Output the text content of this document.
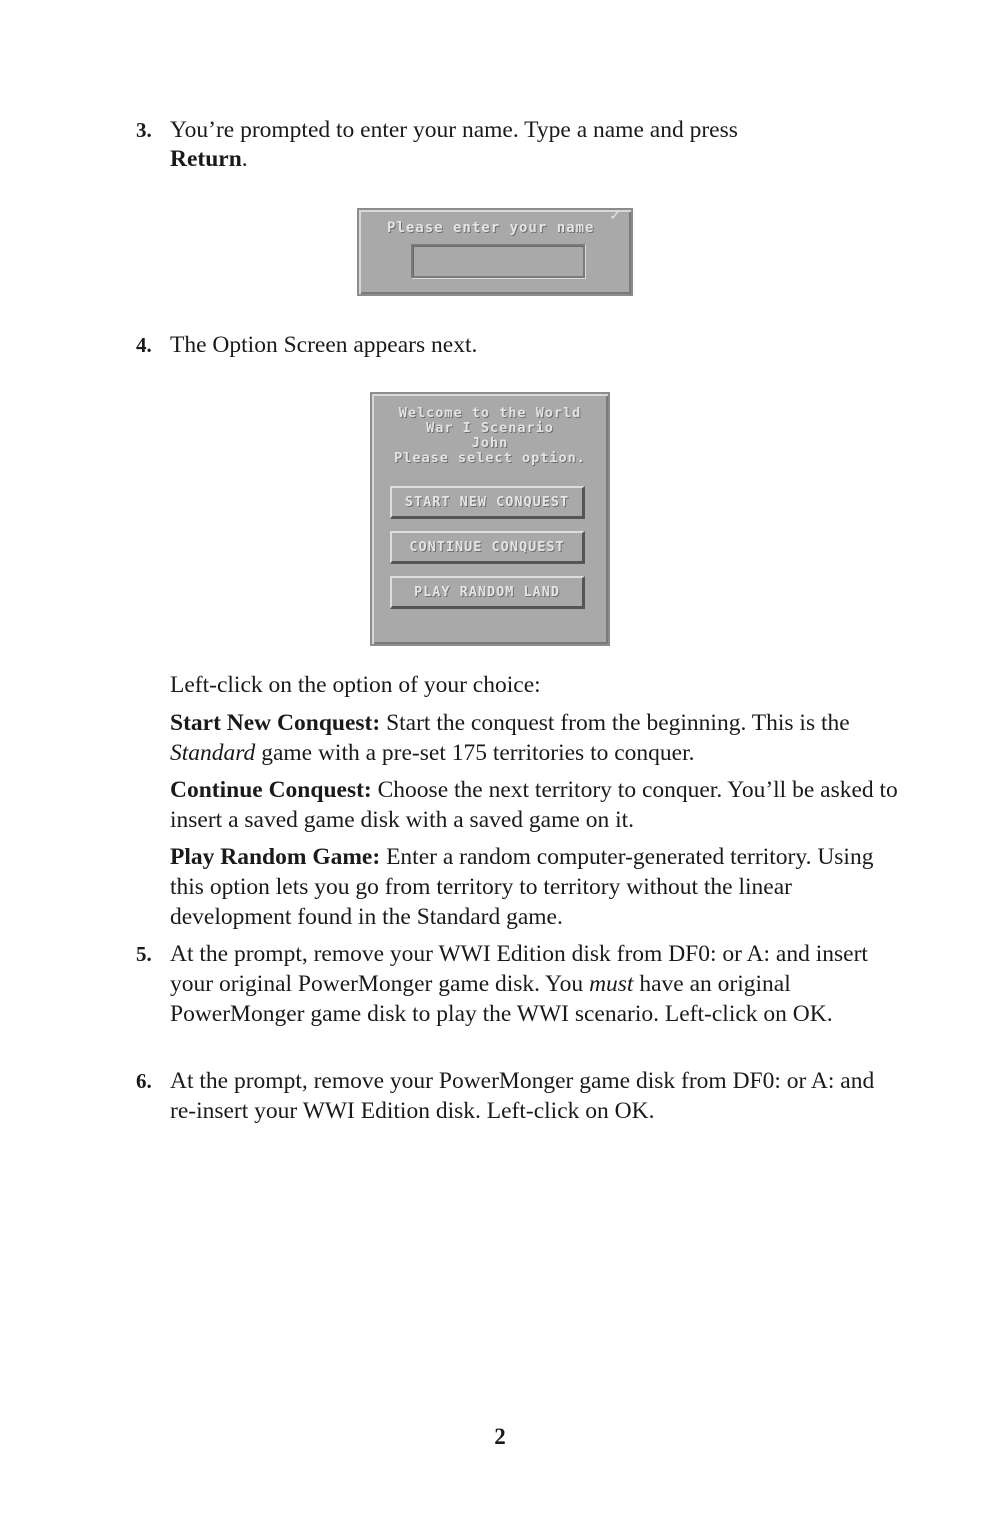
3. You’re prompted to enter your name. Type a name and press
Return.
Please enter your name
✓
4. The Option Screen appears next.
Welcome to the World
War I Scenario
John
Please select option.
START NEW CONQUEST
CONTINUE CONQUEST
PLAY RANDOM LAND
Left-click on the option of your choice:
Start New Conquest: Start the conquest from the beginning. This is the Standard game with a pre-set 175 territories to conquer.
Continue Conquest: Choose the next territory to conquer. You’ll be asked to insert a saved game disk with a saved game on it.
Play Random Game: Enter a random computer-generated territory. Using this option lets you go from territory to territory without the linear development found in the Standard game.
5. At the prompt, remove your WWI Edition disk from DF0: or A: and insert your original PowerMonger game disk. You must have an original PowerMonger game disk to play the WWI scenario. Left-click on OK.
6. At the prompt, remove your PowerMonger game disk from DF0: or A: and re-insert your WWI Edition disk. Left-click on OK.
2
